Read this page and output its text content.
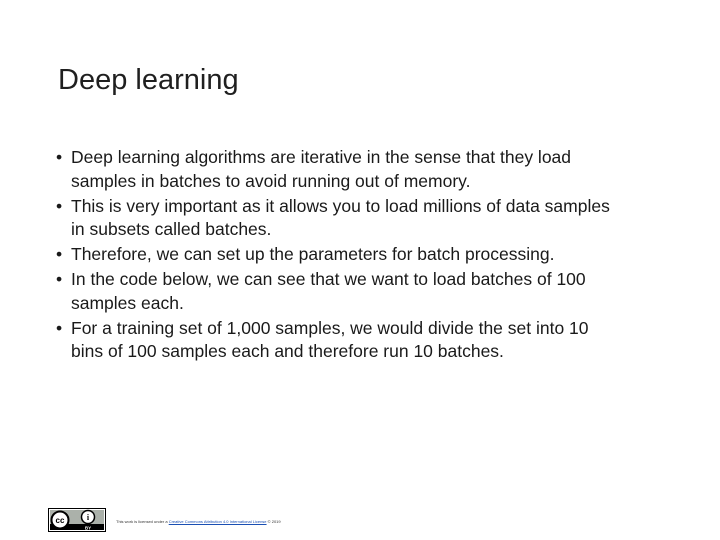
Deep learning
• Deep learning algorithms are iterative in the sense that they load
samples in batches to avoid running out of memory.
• This is very important as it allows you to load millions of data samples
in subsets called batches.
• Therefore, we can set up the parameters for batch processing.
• In the code below, we can see that we want to load batches of 100
samples each.
• For a training set of 1,000 samples, we would divide the set into 10
bins of 100 samples each and therefore run 10 batches.
cc	i
BY
This work is licensed under a Creative Commons Attribution 4.0 International License © 2019
